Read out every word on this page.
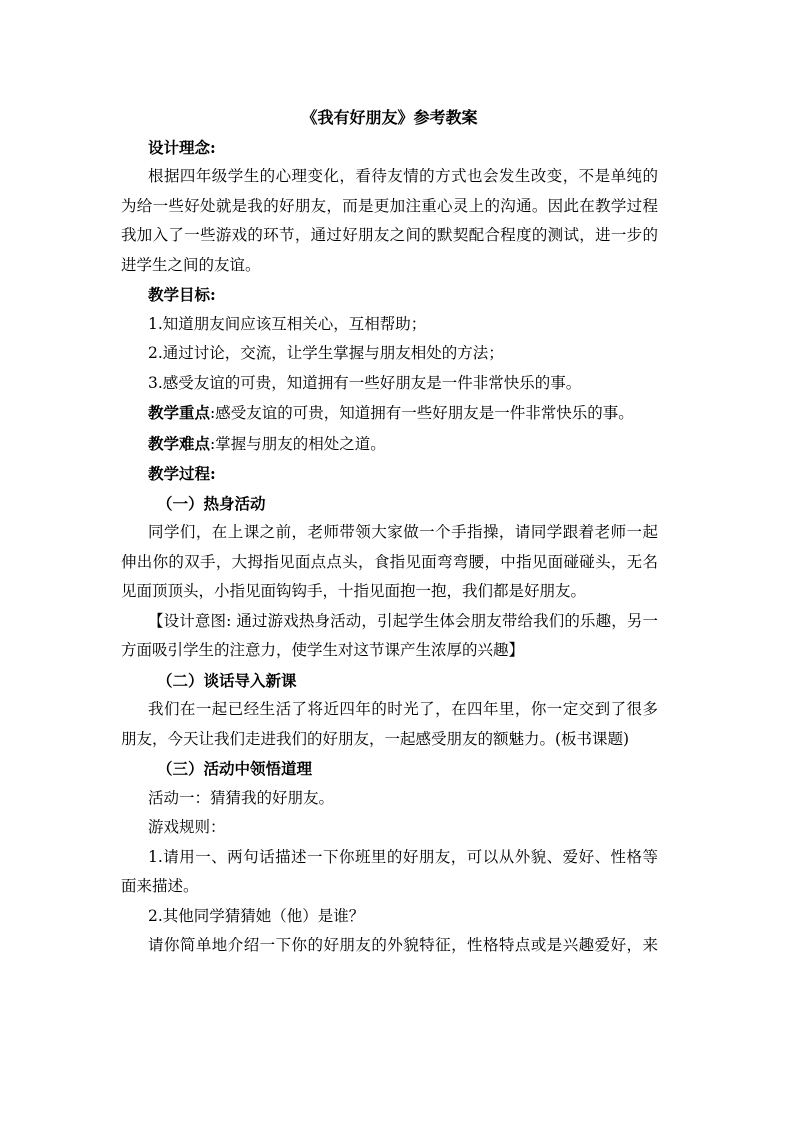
《我有好朋友》参考教案
设计理念:
根据四年级学生的心理变化，看待友情的方式也会发生改变，不是单纯的
为给一些好处就是我的好朋友，而是更加注重心灵上的沟通。因此在教学过程
我加入了一些游戏的环节，通过好朋友之间的默契配合程度的测试，进一步的
进学生之间的友谊。
教学目标:
1.知道朋友间应该互相关心，互相帮助；
2.通过讨论，交流，让学生掌握与朋友相处的方法；
3.感受友谊的可贵，知道拥有一些好朋友是一件非常快乐的事。
教学重点:感受友谊的可贵，知道拥有一些好朋友是一件非常快乐的事。
教学难点:掌握与朋友的相处之道。
教学过程:
（一）热身活动
同学们，在上课之前，老师带领大家做一个手指操，请同学跟着老师一起
伸出你的双手，大拇指见面点点头，食指见面弯弯腰，中指见面碰碰头，无名
见面顶顶头，小指见面钩钩手，十指见面抱一抱，我们都是好朋友。
【设计意图: 通过游戏热身活动，引起学生体会朋友带给我们的乐趣，另一
方面吸引学生的注意力，使学生对这节课产生浓厚的兴趣】
（二）谈话导入新课
我们在一起已经生活了将近四年的时光了，在四年里，你一定交到了很多
朋友，今天让我们走进我们的好朋友，一起感受朋友的额魅力。(板书课题)
（三）活动中领悟道理
活动一：猜猜我的好朋友。
游戏规则：
1.请用一、两句话描述一下你班里的好朋友，可以从外貌、爱好、性格等
面来描述。
2.其他同学猜猜她（他）是谁？
请你简单地介绍一下你的好朋友的外貌特征，性格特点或是兴趣爱好，来
